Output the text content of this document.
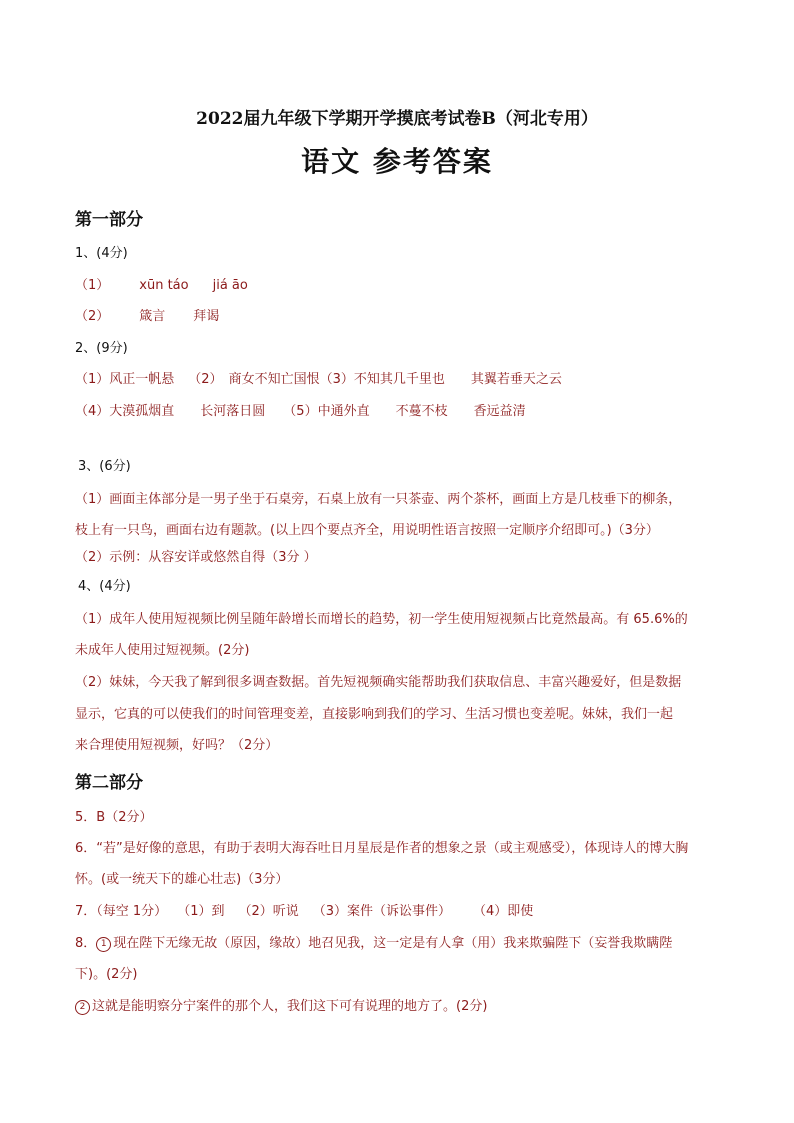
2022届九年级下学期开学摸底考试卷B（河北专用）
语文 参考答案
第一部分
1、(4分)
（1） xūn táo jiá āo
（2） 箴言 拜谒
2、(9分)
（1）风正一帆悬 （2） 商女不知亡国恨（3）不知其几千里也 其翼若垂天之云
（4）大漠孤烟直 长河落日圆 （5）中通外直 不蔓不枝 香远益清
3、(6分)
（1）画面主体部分是一男子坐于石桌旁，石桌上放有一只茶壶、两个茶杯，画面上方是几枝垂下的柳条，
枝上有一只鸟，画面右边有题款。(以上四个要点齐全，用说明性语言按照一定顺序介绍即可。)（3分）
（2）示例：从容安详或悠然自得（3分 ）
4、(4分)
（1）成年人使用短视频比例呈随年龄增长而增长的趋势，初一学生使用短视频占比竟然最高。有 65.6%的
未成年人使用过短视频。(2分)
（2）妹妹，今天我了解到很多调查数据。首先短视频确实能帮助我们获取信息、丰富兴趣爱好，但是数据
显示，它真的可以使我们的时间管理变差，直接影响到我们的学习、生活习惯也变差呢。妹妹，我们一起
来合理使用短视频，好吗？（2分）
第二部分
5．B（2分）
6．“若”是好像的意思，有助于表明大海吞吐日月星辰是作者的想象之景（或主观感受），体现诗人的博大胸
怀。(或一统天下的雄心壮志)（3分）
7．（每空 1分） （1）到 （2）听说 （3）案件（诉讼事件） （4）即使
8． 1 现在陛下无缘无故（原因，缘故）地召见我，这一定是有人拿（用）我来欺骗陛下（妄誉我欺瞒陛
下)。(2分)
2 这就是能明察分宁案件的那个人，我们这下可有说理的地方了。(2分)
